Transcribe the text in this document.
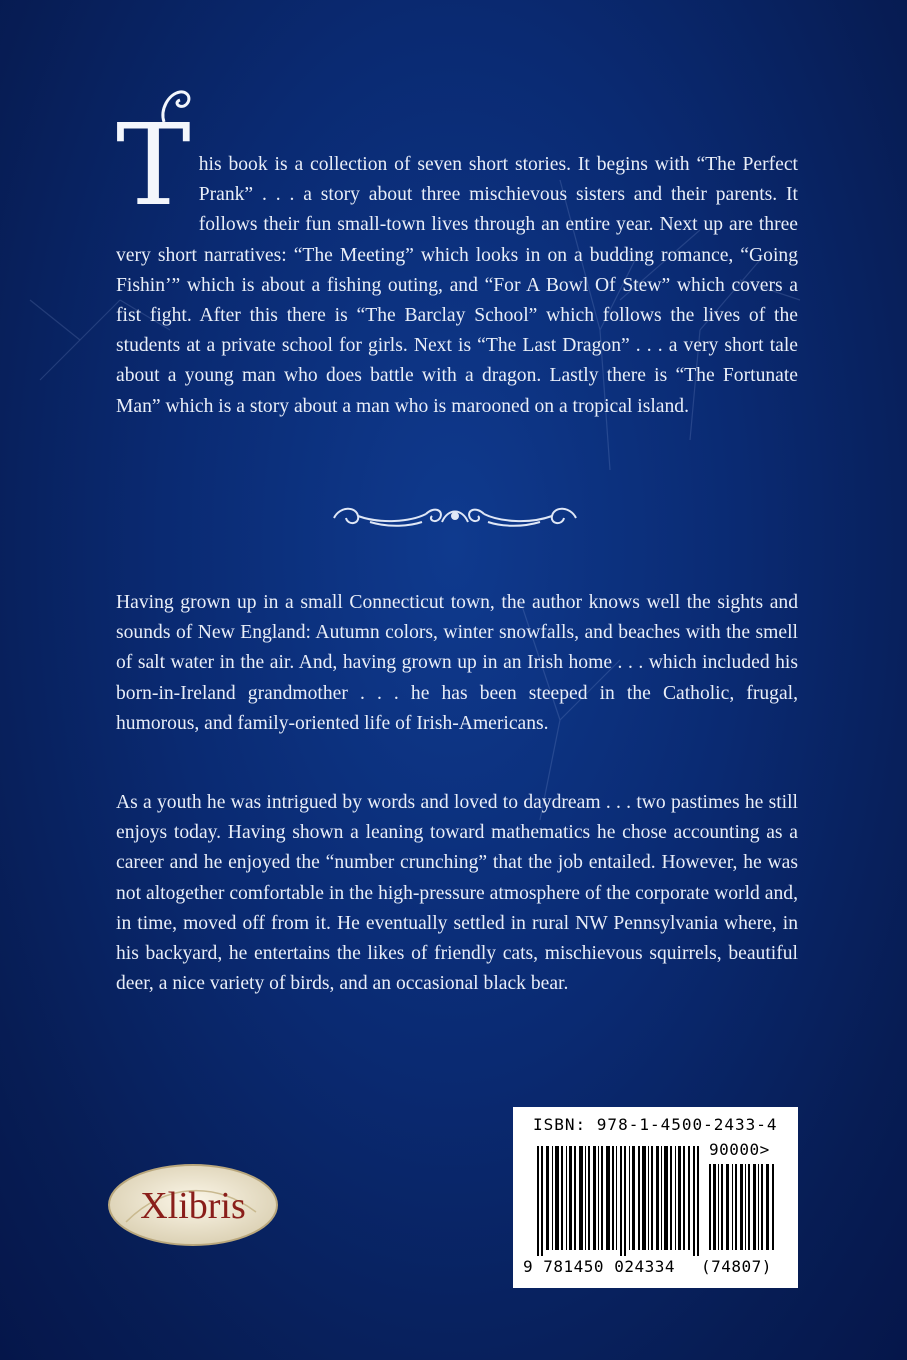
T his book is a collection of seven short stories. It begins with “The Perfect Prank” . . . a story about three mischievous sisters and their parents. It follows their fun small-town lives through an entire year. Next up are three very short narratives: “The Meeting” which looks in on a budding romance, “Going Fishin’” which is about a fishing outing, and “For A Bowl Of Stew” which covers a fist fight. After this there is “The Barclay School” which follows the lives of the students at a private school for girls. Next is “The Last Dragon” . . . a very short tale about a young man who does battle with a dragon. Lastly there is “The Fortunate Man” which is a story about a man who is marooned on a tropical island.

Having grown up in a small Connecticut town, the author knows well the sights and sounds of New England: Autumn colors, winter snowfalls, and beaches with the smell of salt water in the air. And, having grown up in an Irish home . . . which included his born-in-Ireland grandmother . . . he has been steeped in the Catholic, frugal, humorous, and family-oriented life of Irish-Americans.

As a youth he was intrigued by words and loved to daydream . . . two pastimes he still enjoys today. Having shown a leaning toward mathematics he chose accounting as a career and he enjoyed the “number crunching” that the job entailed. However, he was not altogether comfortable in the high-pressure atmosphere of the corporate world and, in time, moved off from it. He eventually settled in rural NW Pennsylvania where, in his backyard, he entertains the likes of friendly cats, mischievous squirrels, beautiful deer, a nice variety of birds, and an occasional black bear.

Xlibris
ISBN: 978-1-4500-2433-4
90000>
9 781450 024334 (74807)
